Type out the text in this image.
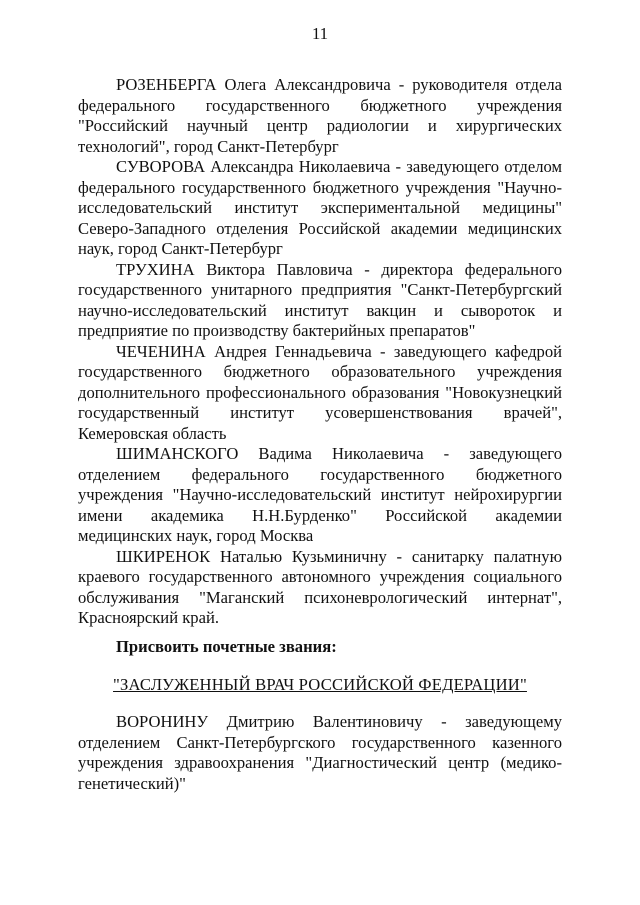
11

РОЗЕНБЕРГА Олега Александровича - руководителя отдела федерального государственного бюджетного учреждения "Российский научный центр радиологии и хирургических технологий", город Санкт-Петербург

СУВОРОВА Александра Николаевича - заведующего отделом федерального государственного бюджетного учреждения "Научно-исследовательский институт экспериментальной медицины" Северо-Западного отделения Российской академии медицинских наук, город Санкт-Петербург

ТРУХИНА Виктора Павловича - директора федерального государственного унитарного предприятия "Санкт-Петербургский научно-исследовательский институт вакцин и сывороток и предприятие по производству бактерийных препаратов"

ЧЕЧЕНИНА Андрея Геннадьевича - заведующего кафедрой государственного бюджетного образовательного учреждения дополнительного профессионального образования "Новокузнецкий государственный институт усовершенствования врачей", Кемеровская область

ШИМАНСКОГО Вадима Николаевича - заведующего отделением федерального государственного бюджетного учреждения "Научно-исследовательский институт нейрохирургии имени академика Н.Н.Бурденко" Российской академии медицинских наук, город Москва

ШКИРЕНОК Наталью Кузьминичну - санитарку палатную краевого государственного автономного учреждения социального обслуживания "Маганский психоневрологический интернат", Красноярский край.

Присвоить почетные звания:

"ЗАСЛУЖЕННЫЙ ВРАЧ РОССИЙСКОЙ ФЕДЕРАЦИИ"

ВОРОНИНУ Дмитрию Валентиновичу - заведующему отделением Санкт-Петербургского государственного казенного учреждения здравоохранения "Диагностический центр (медико-генетический)"
